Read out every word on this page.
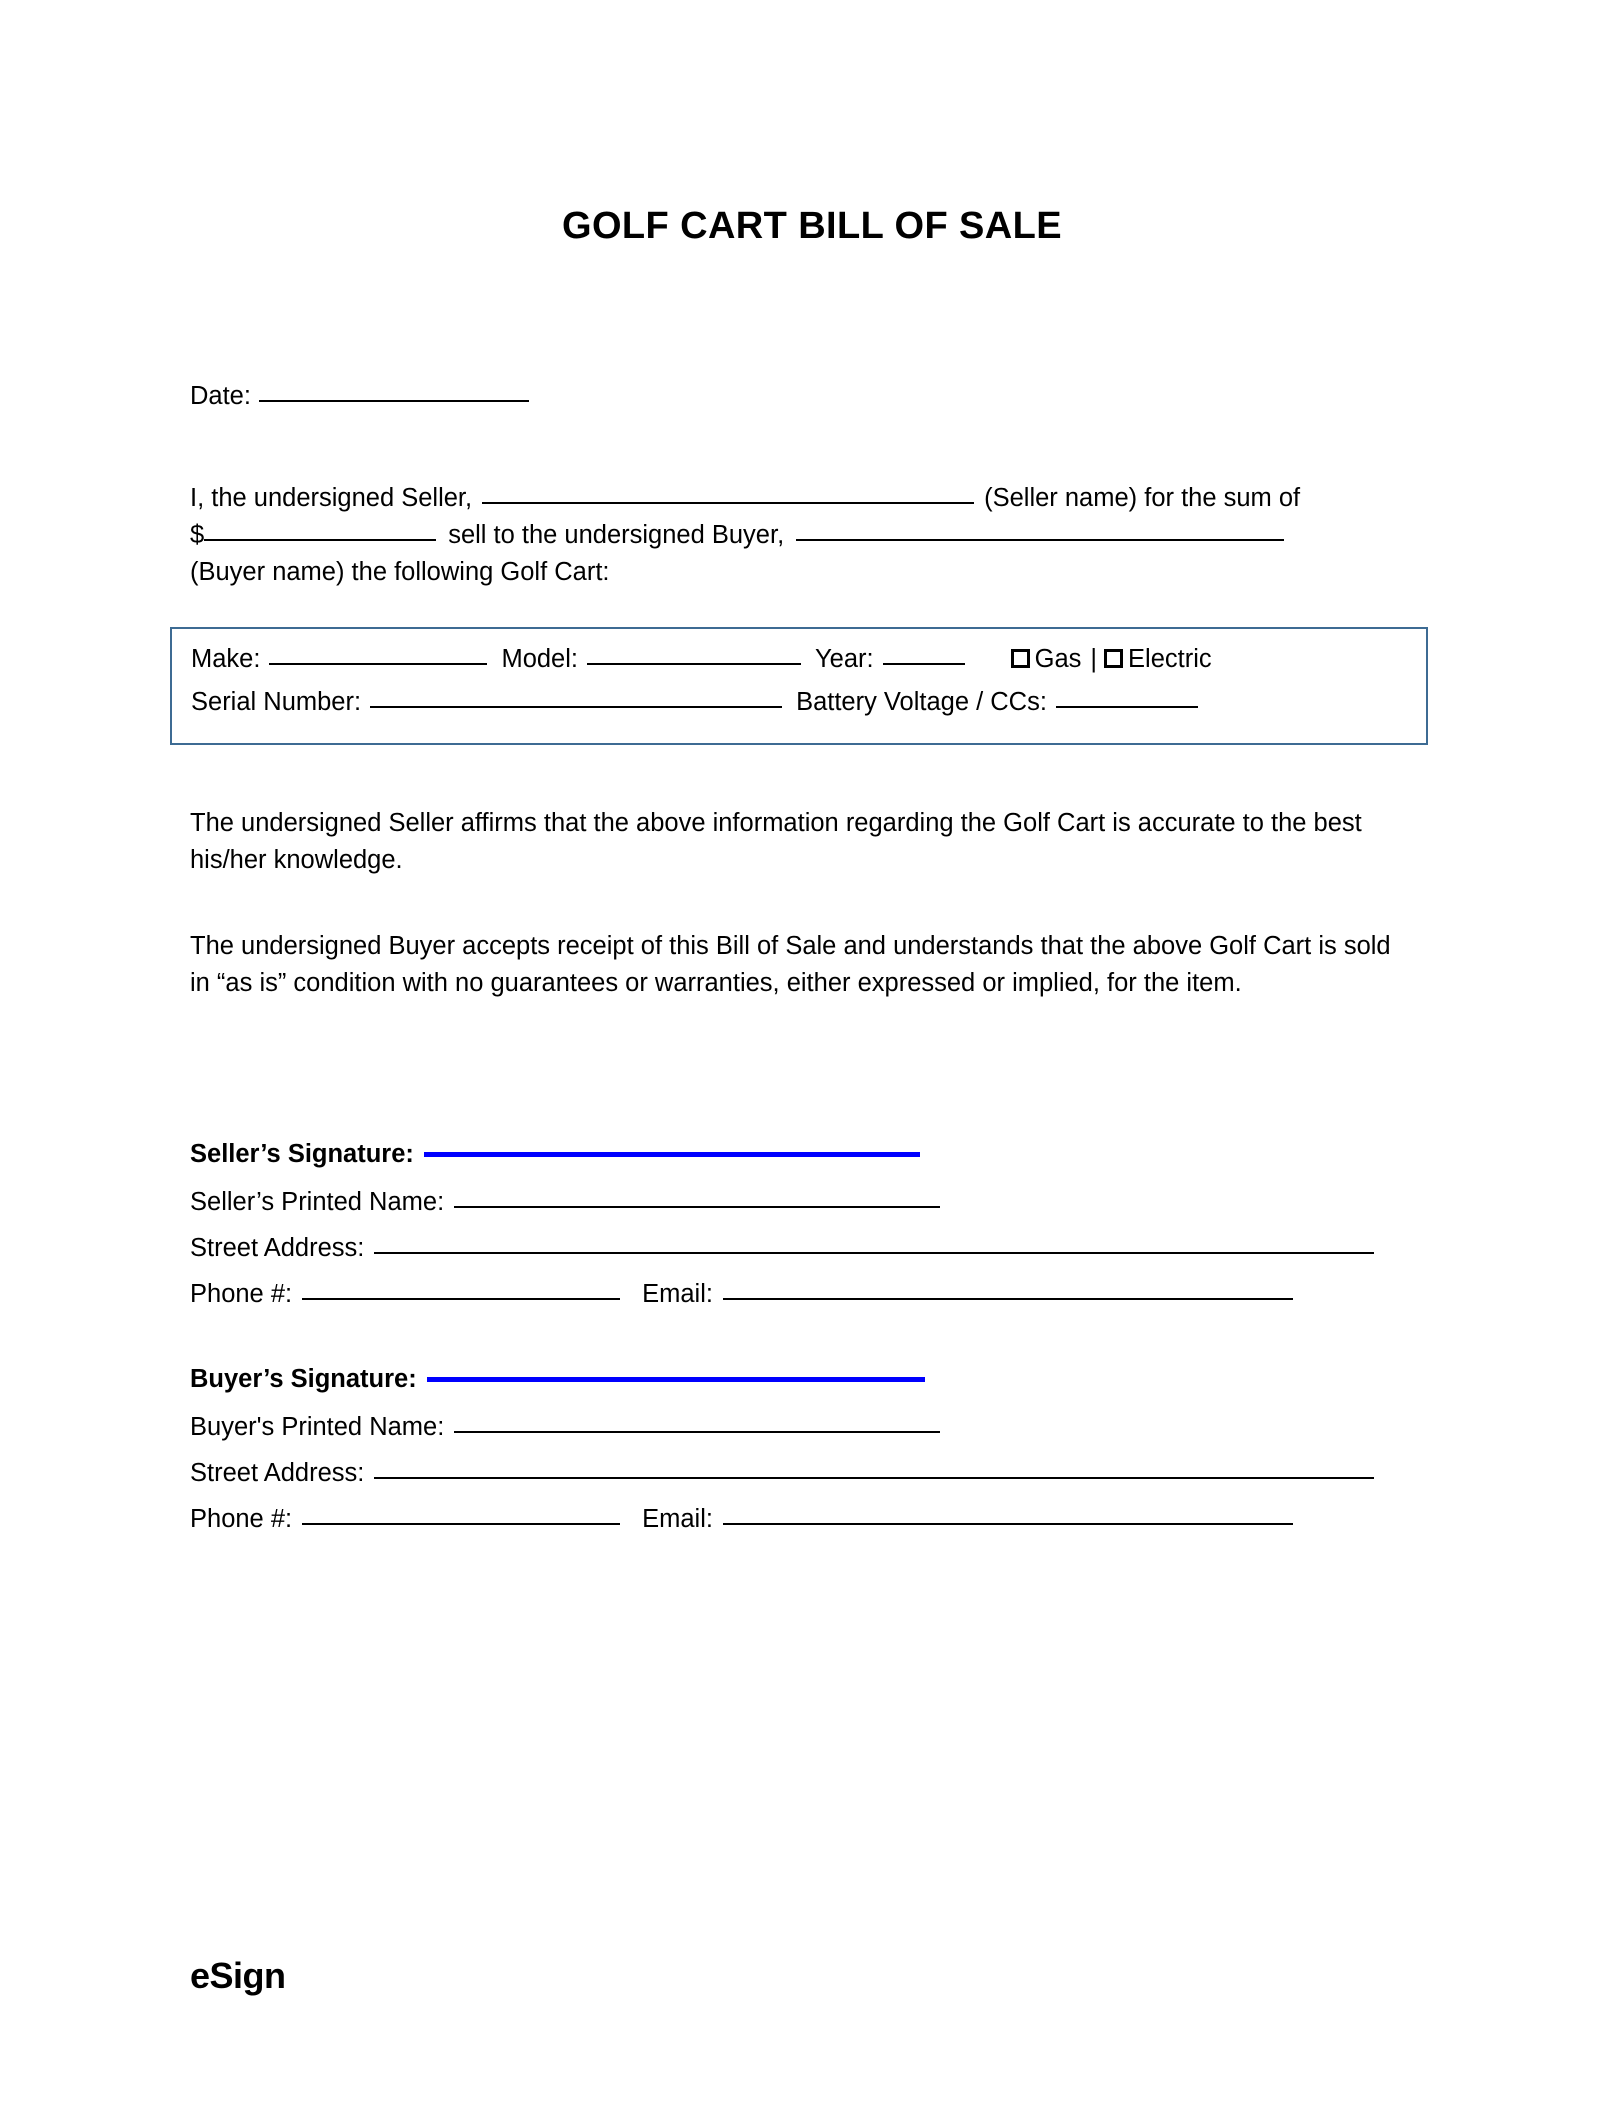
GOLF CART BILL OF SALE
Date:
I, the undersigned Seller,	(Seller name) for the sum of
$	sell to the undersigned Buyer,
(Buyer name) the following Golf Cart:
Make:	Model:	Year:	Gas | Electric
Serial Number:	Battery Voltage / CCs:
The undersigned Seller affirms that the above information regarding the Golf Cart is accurate to the best his/her knowledge.
The undersigned Buyer accepts receipt of this Bill of Sale and understands that the above Golf Cart is sold in “as is” condition with no guarantees or warranties, either expressed or implied, for the item.
Seller’s Signature:
Seller’s Printed Name:
Street Address:
Phone #:	Email:
Buyer’s Signature:
Buyer's Printed Name:
Street Address:
Phone #:	Email:
eSign
